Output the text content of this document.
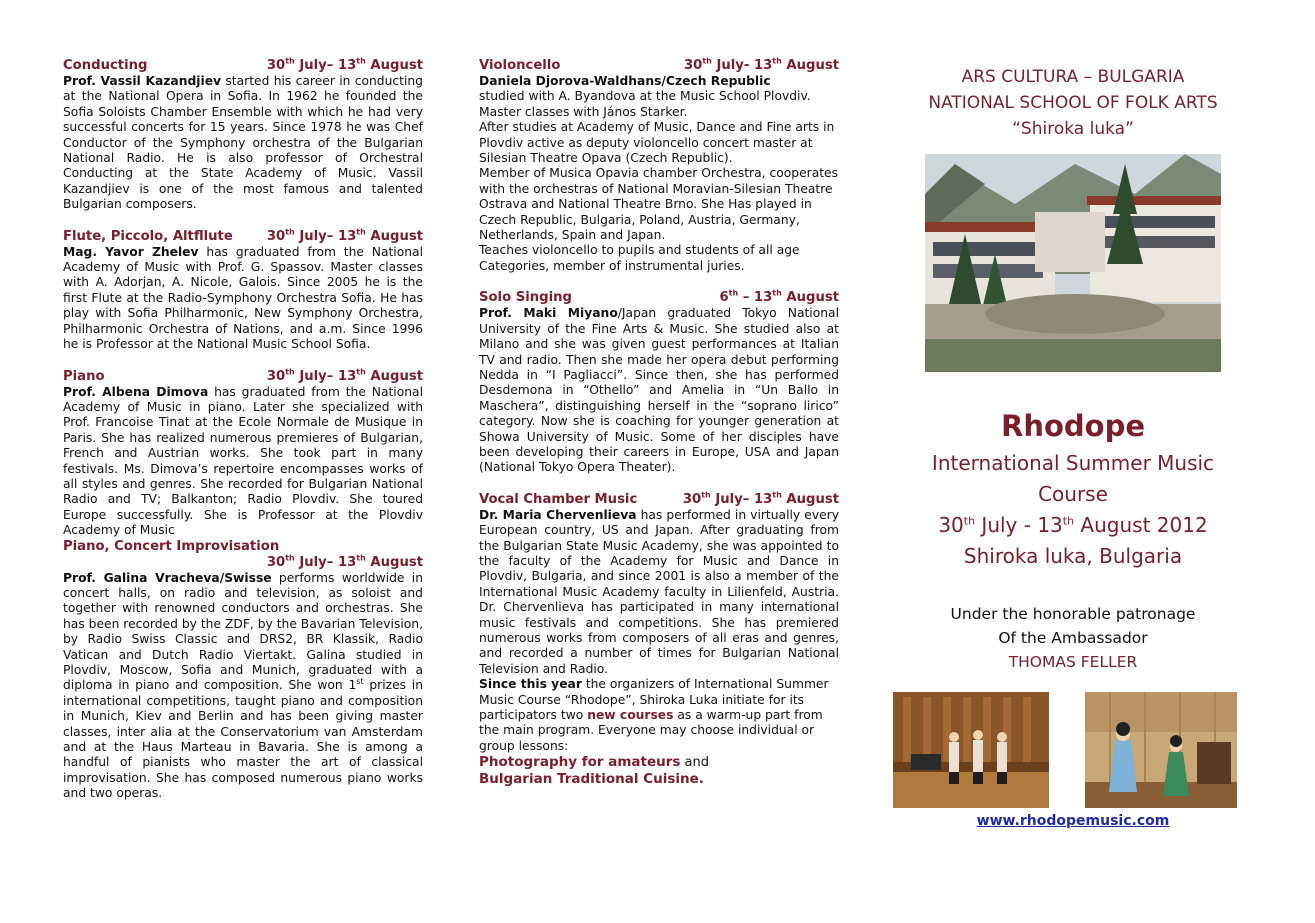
Conducting	30th July– 13th August

Prof. Vassil Kazandjiev started his career in conducting at the National Opera in Sofia. In 1962 he founded the Sofia Soloists Chamber Ensemble with which he had very successful concerts for 15 years. Since 1978 he was Chef Conductor of the Symphony orchestra of the Bulgarian National Radio. He is also professor of Orchestral Conducting at the State Academy of Music. Vassil Kazandjiev is one of the most famous and talented Bulgarian composers.

Flute, Piccolo, Altfllute	30th July– 13th August

Mag. Yavor Zhelev has graduated from the National Academy of Music with Prof. G. Spassov. Master classes with A. Adorjan, A. Nicole, Galois. Since 2005 he is the first Flute at the Radio-Symphony Orchestra Sofia. He has play with Sofia Philharmonic, New Symphony Orchestra, Philharmonic Orchestra of Nations, and a.m. Since 1996 he is Professor at the National Music School Sofia.

Piano	30th July– 13th August

Prof. Albena Dimova has graduated from the National Academy of Music in piano. Later she specialized with Prof. Francoise Tinat at the Ecole Normale de Musique in Paris. She has realized numerous premieres of Bulgarian, French and Austrian works. She took part in many festivals. Ms. Dimova’s repertoire encompasses works of all styles and genres. She recorded for Bulgarian National Radio and TV; Balkanton; Radio Plovdiv. She toured Europe successfully. She is Professor at the Plovdiv Academy of Music

Piano, Concert Improvisation
30th July– 13th August

Prof. Galina Vracheva/Swisse performs worldwide in concert halls, on radio and television, as soloist and together with renowned conductors and orchestras. She has been recorded by the ZDF, by the Bavarian Television, by Radio Swiss Classic and DRS2, BR Klassik, Radio Vatican and Dutch Radio Viertakt. Galina studied in Plovdiv, Moscow, Sofia and Munich, graduated with a diploma in piano and composition. She won 1st prizes in international competitions, taught piano and composition in Munich, Kiev and Berlin and has been giving master classes, inter alia at the Conservatorium van Amsterdam and at the Haus Marteau in Bavaria. She is among a handful of pianists who master the art of classical improvisation. She has composed numerous piano works and two operas.

Violoncello	30th July- 13th August
Daniela Djorova-Waldhans/Czech Republic

studied with A. Byandova at the Music School Plovdiv. Master classes with János Starker.
After studies at Academy of Music, Dance and Fine arts in Plovdiv active as deputy violoncello concert master at Silesian Theatre Opava (Czech Republic).
Member of Musica Opavia chamber Orchestra, cooperates with the orchestras of National Moravian-Silesian Theatre Ostrava and National Theatre Brno. She Has played in Czech Republic, Bulgaria, Poland, Austria, Germany, Netherlands, Spain and Japan.
Teaches violoncello to pupils and students of all age Categories, member of instrumental juries.

Solo Singing	6th – 13th August

Prof. Maki Miyano/Japan graduated Tokyo National University of the Fine Arts & Music. She studied also at Milano and she was given guest performances at Italian TV and radio. Then she made her opera debut performing Nedda in “I Pagliacci”. Since then, she has performed Desdemona in “Othello” and Amelia in “Un Ballo in Maschera”, distinguishing herself in the “soprano lirico” category. Now she is coaching for younger generation at Showa University of Music. Some of her disciples have been developing their careers in Europe, USA and Japan (National Tokyo Opera Theater).

Vocal Chamber Music	30th July– 13th August

Dr. Maria Chervenlieva has performed in virtually every European country, US and Japan. After graduating from the Bulgarian State Music Academy, she was appointed to the faculty of the Academy for Music and Dance in Plovdiv, Bulgaria, and since 2001 is also a member of the International Music Academy faculty in Lilienfeld, Austria. Dr. Chervenlieva has participated in many international music festivals and competitions. She has premiered numerous works from composers of all eras and genres, and recorded a number of times for Bulgarian National Television and Radio.

Since this year the organizers of International Summer Music Course “Rhodope”, Shiroka Luka initiate for its participators two new courses as a warm-up part from the main program. Everyone may choose individual or group lessons:

Photography for amateurs and
Bulgarian Traditional Cuisine.
ARS CULTURA – BULGARIA
NATIONAL SCHOOL OF FOLK ARTS
“Shiroka luka”
Rhodope
International Summer Music
Course
30th July - 13th August 2012
Shiroka luka, Bulgaria
Under the honorable patronage
Of the Ambassador
THOMAS FELLER
www.rhodopemusic.com
